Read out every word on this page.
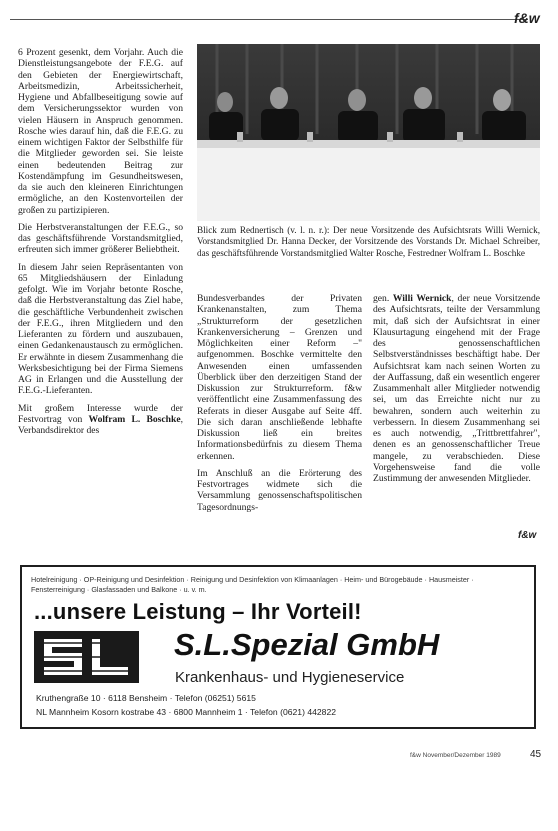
f&w

6 Prozent gesenkt, dem Vorjahr. Auch die Dienstleistungsangebote der F.E.G. auf den Gebieten der Energiewirtschaft, Arbeitsmedizin, Arbeitssicherheit, Hygiene und Abfallbeseitigung sowie auf dem Versicherungssektor wurden von vielen Häusern in Anspruch genommen. Rosche wies darauf hin, daß die F.E.G. zu einem wichtigen Faktor der Selbsthilfe für die Mitglieder geworden sei. Sie leiste einen bedeutenden Beitrag zur Kostendämpfung im Gesundheitswesen, da sie auch den kleineren Einrichtungen ermögliche, an den Kostenvorteilen der großen zu partizipieren.

Die Herbstveranstaltungen der F.E.G., so das geschäftsführende Vorstandsmitglied, erfreuten sich immer größerer Beliebtheit.

In diesem Jahr seien Repräsentanten von 65 Mitgliedshäusern der Einladung gefolgt. Wie im Vorjahr betonte Rosche, daß die Herbstveranstaltung das Ziel habe, die geschäftliche Verbundenheit zwischen der F.E.G., ihren Mitgliedern und den Lieferanten zu fördern und auszubauen, einen Gedankenaustausch zu ermöglichen. Er erwähnte in diesem Zusammenhang die Werksbesichtigung bei der Firma Siemens AG in Erlangen und die Ausstellung der F.E.G.-Lieferanten.

Mit großem Interesse wurde der Festvortrag von Wolfram L. Boschke, Verbandsdirektor des

Blick zum Rednertisch (v. l. n. r.): Der neue Vorsitzende des Aufsichtsrats Willi Wernick, Vorstandsmitglied Dr. Hanna Decker, der Vorsitzende des Vorstands Dr. Michael Schreiber, das geschäftsführende Vorstandsmitglied Walter Rosche, Festredner Wolfram L. Boschke

Bundesverbandes der Privaten Krankenanstalten, zum Thema „Strukturreform der gesetzlichen Krankenversicherung – Grenzen und Möglichkeiten einer Reform –" aufgenommen. Boschke vermittelte den Anwesenden einen umfassenden Überblick über den derzeitigen Stand der Diskussion zur Strukturreform. f&w veröffentlicht eine Zusammenfassung des Referats in dieser Ausgabe auf Seite 4ff. Die sich daran anschließende lebhafte Diskussion ließ ein breites Informationsbedürfnis zu diesem Thema erkennen.

Im Anschluß an die Erörterung des Festvortrages widmete sich die Versammlung genossenschaftspolitischen Tagesordnungs-

gen. Willi Wernick, der neue Vorsitzende des Aufsichtsrats, teilte der Versammlung mit, daß sich der Aufsichtsrat in einer Klausurtagung eingehend mit der Frage des genossenschaftlichen Selbstverständnisses beschäftigt habe. Der Aufsichtsrat kam nach seinen Worten zu der Auffassung, daß ein wesentlich engerer Zusammenhalt aller Mitglieder notwendig sei, um das Erreichte nicht nur zu bewahren, sondern auch weiterhin zu verbessern. In diesem Zusammenhang sei es auch notwendig, „Trittbrettfahrer", denen es an genossenschaftlicher Treue mangele, zu verabschieden. Diese Vorgehensweise fand die volle Zustimmung der anwesenden Mitglieder.

f&w
Hotelreinigung · OP-Reinigung und Desinfektion · Reinigung und Desinfektion von Klimaanlagen · Heim- und Bürogebäude · Hausmeister · Fensterreinigung · Glasfassaden und Balkone · u. v. m.
...unsere Leistung – Ihr Vorteil!
S.L.Spezial GmbH
Krankenhaus- und Hygieneservice
Kruthengraße 10 · 6118 Bensheim · Telefon (06251) 5615
NL Mannheim Kosorn kostrabe 43 · 6800 Mannheim 1 · Telefon (0621) 442822
f&w November/Dezember 1989	45
